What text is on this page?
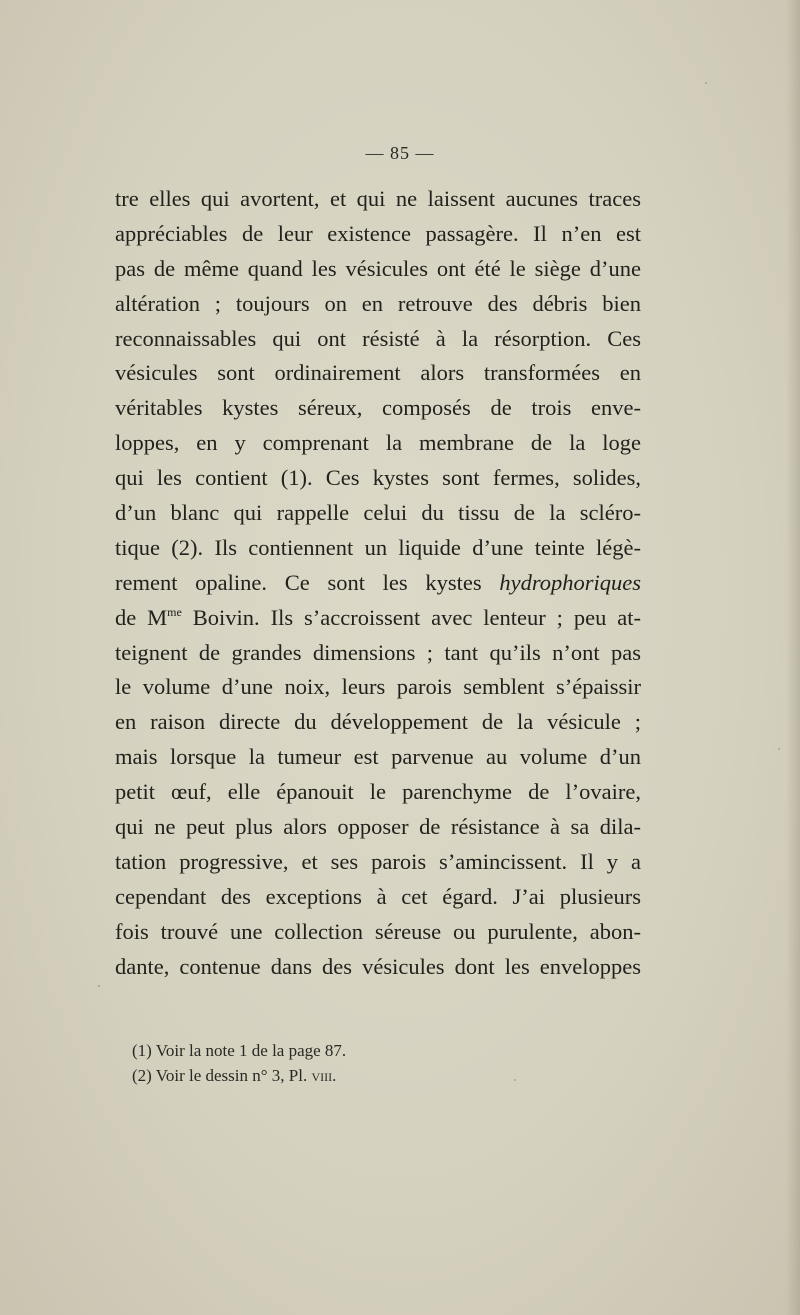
— 85 —
tre elles qui avortent, et qui ne laissent aucunes traces
appréciables de leur existence passagère. Il n’en est
pas de même quand les vésicules ont été le siège d’une
altération ; toujours on en retrouve des débris bien
reconnaissables qui ont résisté à la résorption. Ces
vésicules sont ordinairement alors transformées en
véritables kystes séreux, composés de trois enve-
loppes, en y comprenant la membrane de la loge
qui les contient (1). Ces kystes sont fermes, solides,
d’un blanc qui rappelle celui du tissu de la scléro-
tique (2). Ils contiennent un liquide d’une teinte légè-
rement opaline. Ce sont les kystes hydrophoriques
de $M^{me}$ Boivin. Ils s’accroissent avec lenteur ; peu at-
teignent de grandes dimensions ; tant qu’ils n’ont pas
le volume d’une noix, leurs parois semblent s’épaissir
en raison directe du développement de la vésicule ;
mais lorsque la tumeur est parvenue au volume d’un
petit œuf, elle épanouit le parenchyme de l’ovaire,
qui ne peut plus alors opposer de résistance à sa dila-
tation progressive, et ses parois s’amincissent. Il y a
cependant des exceptions à cet égard. J’ai plusieurs
fois trouvé une collection séreuse ou purulente, abon-
dante, contenue dans des vésicules dont les enveloppes
(1) Voir la note 1 de la page 87.
(2) Voir le dessin n° 3, Pl. viii.
